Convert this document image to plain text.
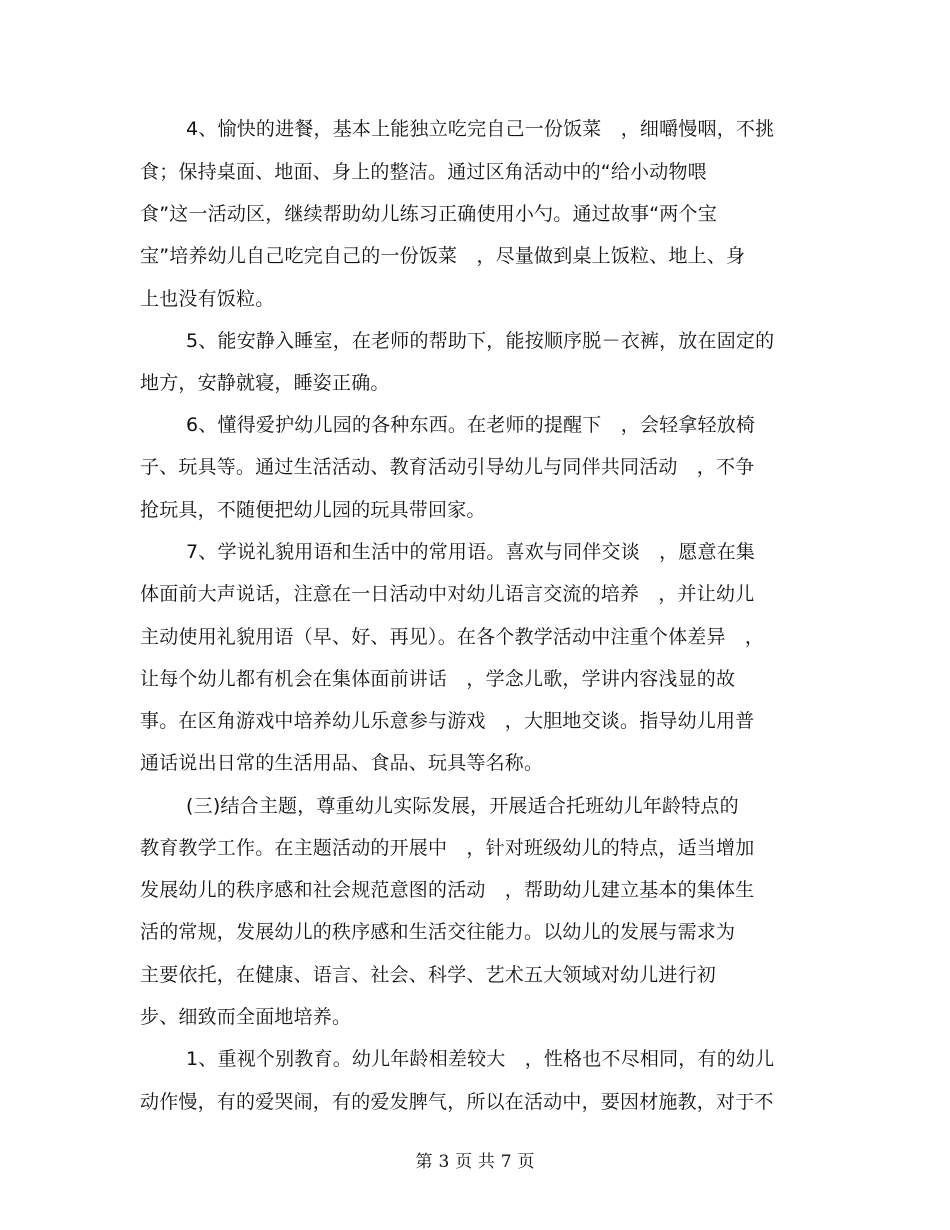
4、愉快的进餐，基本上能独立吃完自己一份饭菜　，细嚼慢咽，不挑
食；保持桌面、地面、身上的整洁。通过区角活动中的“给小动物喂
食”这一活动区，继续帮助幼儿练习正确使用小勺。通过故事“两个宝
宝”培养幼儿自己吃完自己的一份饭菜　，尽量做到桌上饭粒、地上、身
上也没有饭粒。
5、能安静入睡室，在老师的帮助下，能按顺序脱－衣裤，放在固定的
地方，安静就寝，睡姿正确。
6、懂得爱护幼儿园的各种东西。在老师的提醒下　，会轻拿轻放椅
子、玩具等。通过生活活动、教育活动引导幼儿与同伴共同活动　，不争
抢玩具，不随便把幼儿园的玩具带回家。
7、学说礼貌用语和生活中的常用语。喜欢与同伴交谈　，愿意在集
体面前大声说话，注意在一日活动中对幼儿语言交流的培养　，并让幼儿
主动使用礼貌用语（早、好、再见）。在各个教学活动中注重个体差异　，
让每个幼儿都有机会在集体面前讲话　，学念儿歌，学讲内容浅显的故
事。在区角游戏中培养幼儿乐意参与游戏　，大胆地交谈。指导幼儿用普
通话说出日常的生活用品、食品、玩具等名称。
(三)结合主题，尊重幼儿实际发展，开展适合托班幼儿年龄特点的
教育教学工作。在主题活动的开展中　，针对班级幼儿的特点，适当增加
发展幼儿的秩序感和社会规范意图的活动　，帮助幼儿建立基本的集体生
活的常规，发展幼儿的秩序感和生活交往能力。以幼儿的发展与需求为
主要依托，在健康、语言、社会、科学、艺术五大领域对幼儿进行初
步、细致而全面地培养。
1、重视个别教育。幼儿年龄相差较大　，性格也不尽相同，有的幼儿
动作慢，有的爱哭闹，有的爱发脾气，所以在活动中，要因材施教，对于不
第 3 页 共 7 页
